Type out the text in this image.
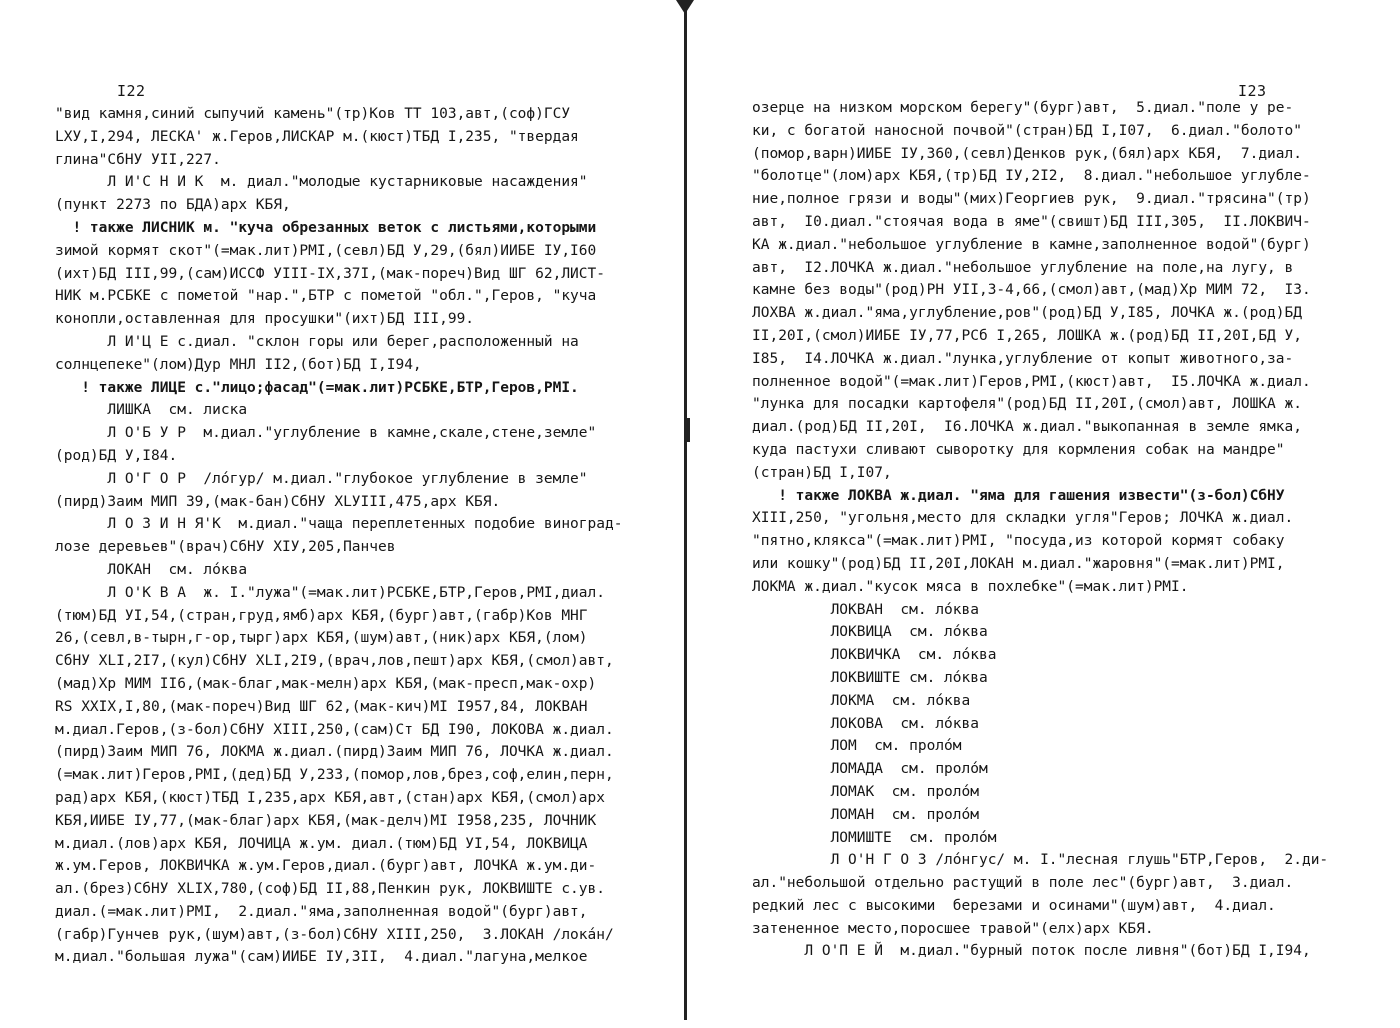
I22

"вид камня,синий сыпучий камень"(тр)Ков ТТ 103,авт,(соф)ГСУ
LXУ,I,294, ЛЕСКА' ж.Геров,ЛИСКАР м.(кюст)ТБД I,235, "твердая
глина"СбНУ УII,227.
Л И'С Н И К  м. диал."молодые кустарниковые насаждения"
(пункт 2273 по БДА)арх КБЯ,
! также ЛИСНИК м. "куча обрезанных веток с листьями,которыми
зимой кормят скот"(=мак.лит)РМI,(севл)БД У,29,(бял)ИИБЕ IУ,I60
(ихт)БД III,99,(сам)ИССФ УIII-IX,37I,(мак-пореч)Вид ШГ 62,ЛИСТ-
НИК м.РСБКЕ с пометой "нар.",БТР с пометой "обл.",Геров, "куча
конопли,оставленная для просушки"(ихт)БД III,99.
Л И'Ц Е с.диал. "склон горы или берег,расположенный на
солнцепеке"(лом)Дур МНЛ II2,(бот)БД I,I94,
! также ЛИЦЕ с."лицо;фасад"(=мак.лит)РСБКЕ,БТР,Геров,РМI.
ЛИШКА  см. лиска
Л О'Б У Р  м.диал."углубление в камне,скале,стене,земле"
(род)БД У,I84.
Л О'Г О Р  /лóгур/ м.диал."глубокое углубление в земле"
(пирд)Заим МИП 39,(мак-бан)СбНУ XLУIII,475,арх КБЯ.
Л О З И Н Я'К  м.диал."чаща переплетенных подобие виноград-
лозе деревьев"(врач)СбНУ XIУ,205,Панчев
ЛОКАН  см. лóква
Л О'К В А  ж. I."лужа"(=мак.лит)РСБКЕ,БТР,Геров,РМI,диал.
(тюм)БД УI,54,(стран,груд,ямб)арх КБЯ,(бург)авт,(габр)Ков МНГ
26,(севл,в-тырн,г-ор,тырг)арх КБЯ,(шум)авт,(ник)арх КБЯ,(лом)
СбНУ XLI,2I7,(кул)СбНУ XLI,2I9,(врач,лов,пешт)арх КБЯ,(смол)авт,
(мад)Хр МИМ II6,(мак-благ,мак-мелн)арх КБЯ,(мак-пресп,мак-охр)
RS XXIX,I,80,(мак-пореч)Вид ШГ 62,(мак-кич)МI I957,84, ЛОКВАН
м.диал.Геров,(з-бол)СбНУ XIII,250,(сам)Ст БД I90, ЛОКОВА ж.диал.
(пирд)Заим МИП 76, ЛОКМА ж.диал.(пирд)Заим МИП 76, ЛОЧКА ж.диал.
(=мак.лит)Геров,РМI,(дед)БД У,233,(помор,лов,брез,соф,елин,перн,
рад)арх КБЯ,(кюст)ТБД I,235,арх КБЯ,авт,(стан)арх КБЯ,(смол)арх
КБЯ,ИИБЕ IУ,77,(мак-благ)арх КБЯ,(мак-делч)МI I958,235, ЛОЧНИК
м.диал.(лов)арх КБЯ, ЛОЧИЦА ж.ум. диал.(тюм)БД УI,54, ЛОКВИЦА
ж.ум.Геров, ЛОКВИЧКА ж.ум.Геров,диал.(бург)авт, ЛОЧКА ж.ум.ди-
ал.(брез)СбНУ XLIX,780,(соф)БД II,88,Пенкин рук, ЛОКВИШТЕ с.ув.
диал.(=мак.лит)РМI,  2.диал."яма,заполненная водой"(бург)авт,
(габр)Гунчев рук,(шум)авт,(з-бол)СбНУ XIII,250,  3.ЛОКАН /локáн/
м.диал."большая лужа"(сам)ИИБЕ IУ,3II,  4.диал."лагуна,мелкое

I23

озерце на низком морском берегу"(бург)авт,  5.диал."поле у ре-
ки, с богатой наносной почвой"(стран)БД I,I07,  6.диал."болото"
(помор,варн)ИИБЕ IУ,360,(севл)Денков рук,(бял)арх КБЯ,  7.диал.
"болотце"(лом)арх КБЯ,(тр)БД IУ,2I2,  8.диал."небольшое углубле-
ние,полное грязи и воды"(мих)Георгиев рук,  9.диал."трясина"(тр)
авт,  I0.диал."стоячая вода в яме"(свишт)БД III,305,  II.ЛОКВИЧ-
КА ж.диал."небольшое углубление в камне,заполненное водой"(бург)
авт,  I2.ЛОЧКА ж.диал."небольшое углубление на поле,на лугу, в
камне без воды"(род)РН УII,3-4,66,(смол)авт,(мад)Хр МИМ 72,  I3.
ЛОХВА ж.диал."яма,углубление,ров"(род)БД У,I85, ЛОЧКА ж.(род)БД
II,20I,(смол)ИИБЕ IУ,77,РСб I,265, ЛОШКА ж.(род)БД II,20I,БД У,
I85,  I4.ЛОЧКА ж.диал."лунка,углубление от копыт животного,за-
полненное водой"(=мак.лит)Геров,РМI,(кюст)авт,  I5.ЛОЧКА ж.диал.
"лунка для посадки картофеля"(род)БД II,20I,(смол)авт, ЛОШКА ж.
диал.(род)БД II,20I,  I6.ЛОЧКА ж.диал."выкопанная в земле ямка,
куда пастухи сливают сыворотку для кормления собак на мандре"
(стран)БД I,I07,
! также ЛОКВА ж.диал. "яма для гашения извести"(з-бол)СбНУ
XIII,250, "угольня,место для складки угля"Геров; ЛОЧКА ж.диал.
"пятно,клякса"(=мак.лит)РМI, "посуда,из которой кормят собаку
или кошку"(род)БД II,20I,ЛОКАН м.диал."жаровня"(=мак.лит)РМI,
ЛОКМА ж.диал."кусок мяса в похлебке"(=мак.лит)РМI.
ЛОКВАН  см. лóква
ЛОКВИЦА  см. лóква
ЛОКВИЧКА  см. лóква
ЛОКВИШТЕ см. лóква
ЛОКМА  см. лóква
ЛОКОВА  см. лóква
ЛОМ  см. пролóм
ЛОМАДА  см. пролóм
ЛОМАК  см. пролóм
ЛОМАН  см. пролóм
ЛОМИШТЕ  см. пролóм
Л О'Н Г О З /лóнгус/ м. I."лесная глушь"БТР,Геров,  2.ди-
ал."небольшой отдельно растущий в поле лес"(бург)авт,  3.диал.
редкий лес с высокими  березами и осинами"(шум)авт,  4.диал.
затененное место,поросшее травой"(елх)арх КБЯ.
Л О'П Е Й  м.диал."бурный поток после ливня"(бот)БД I,I94,
